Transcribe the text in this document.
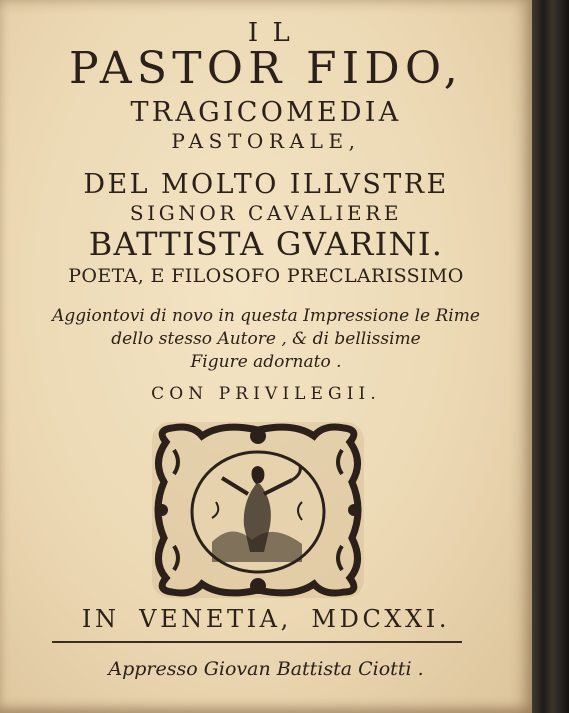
IL
PASTOR FIDO,
TRAGICOMEDIA
PASTORALE,
DEL MOLTO ILLVSTRE
SIGNOR CAVALIERE
BATTISTA GVARINI.
POETA, E FILOSOFO PRECLARISSIMO
Aggiontovi di novo in questa Impressione le Rime
dello stesso Autore , & di bellissime
Figure adornato .
CON PRIVILEGII.
IN VENETIA, MDCXXI.
Appresso Giovan Battista Ciotti .
